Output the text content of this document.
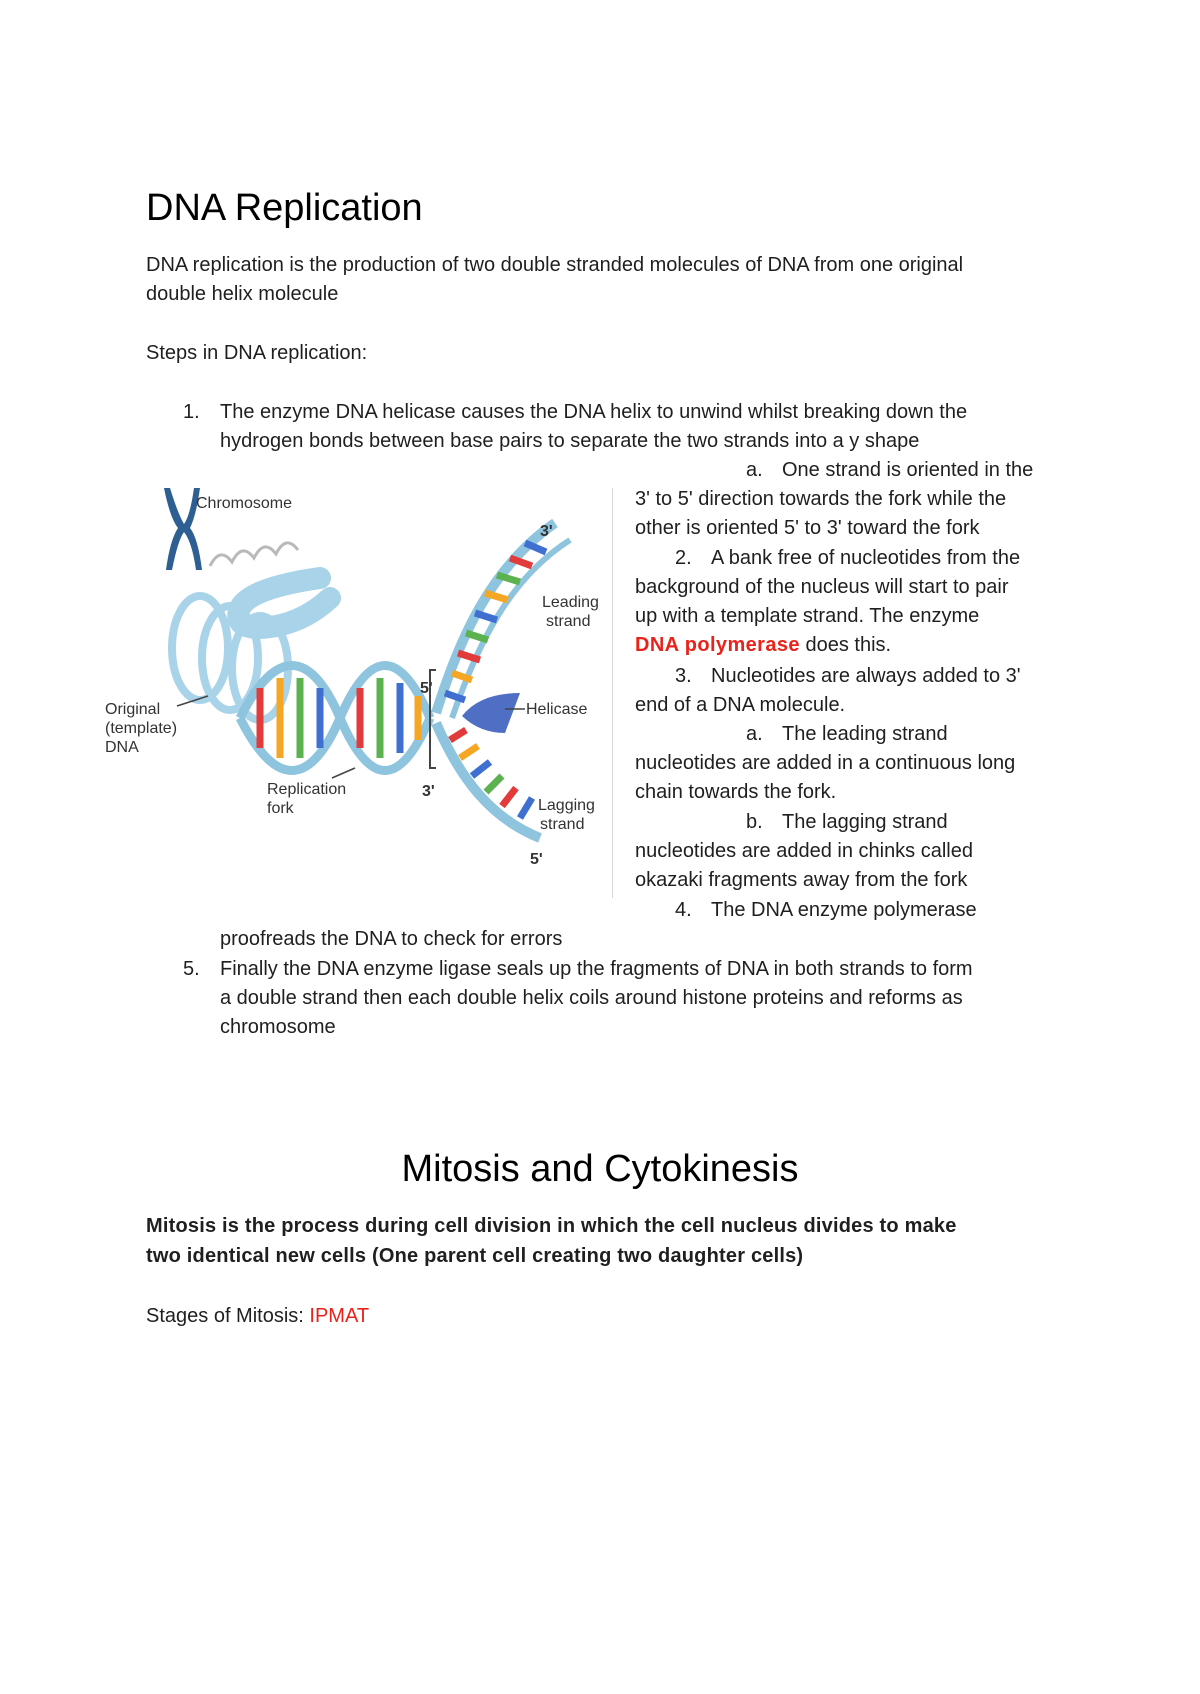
DNA Replication
DNA replication is the production of two double stranded molecules of DNA from one original
double helix molecule
Steps in DNA replication:
1. The enzyme DNA helicase causes the DNA helix to unwind whilst breaking down the
hydrogen bonds between base pairs to separate the two strands into a y shape
a. One strand is oriented in the
3' to 5' direction towards the fork while the
other is oriented 5' to 3' toward the fork
2. A bank free of nucleotides from the
background of the nucleus will start to pair
up with a template strand. The enzyme
DNA polymerase does this.
3. Nucleotides are always added to 3'
end of a DNA molecule.
a. The leading strand
nucleotides are added in a continuous long
chain towards the fork.
b. The lagging strand
nucleotides are added in chinks called
okazaki fragments away from the fork
4. The DNA enzyme polymerase
proofreads the DNA to check for errors
5. Finally the DNA enzyme ligase seals up the fragments of DNA in both strands to form
a double strand then each double helix coils around histone proteins and reforms as
chromosome
Chromosome
3'
Leading
strand
5'
Helicase
Original
(template)
DNA
Replication
fork
3'
Lagging
strand
5'
Mitosis and Cytokinesis
Mitosis is the process during cell division in which the cell nucleus divides to make
two identical new cells (One parent cell creating two daughter cells)
Stages of Mitosis: IPMAT
